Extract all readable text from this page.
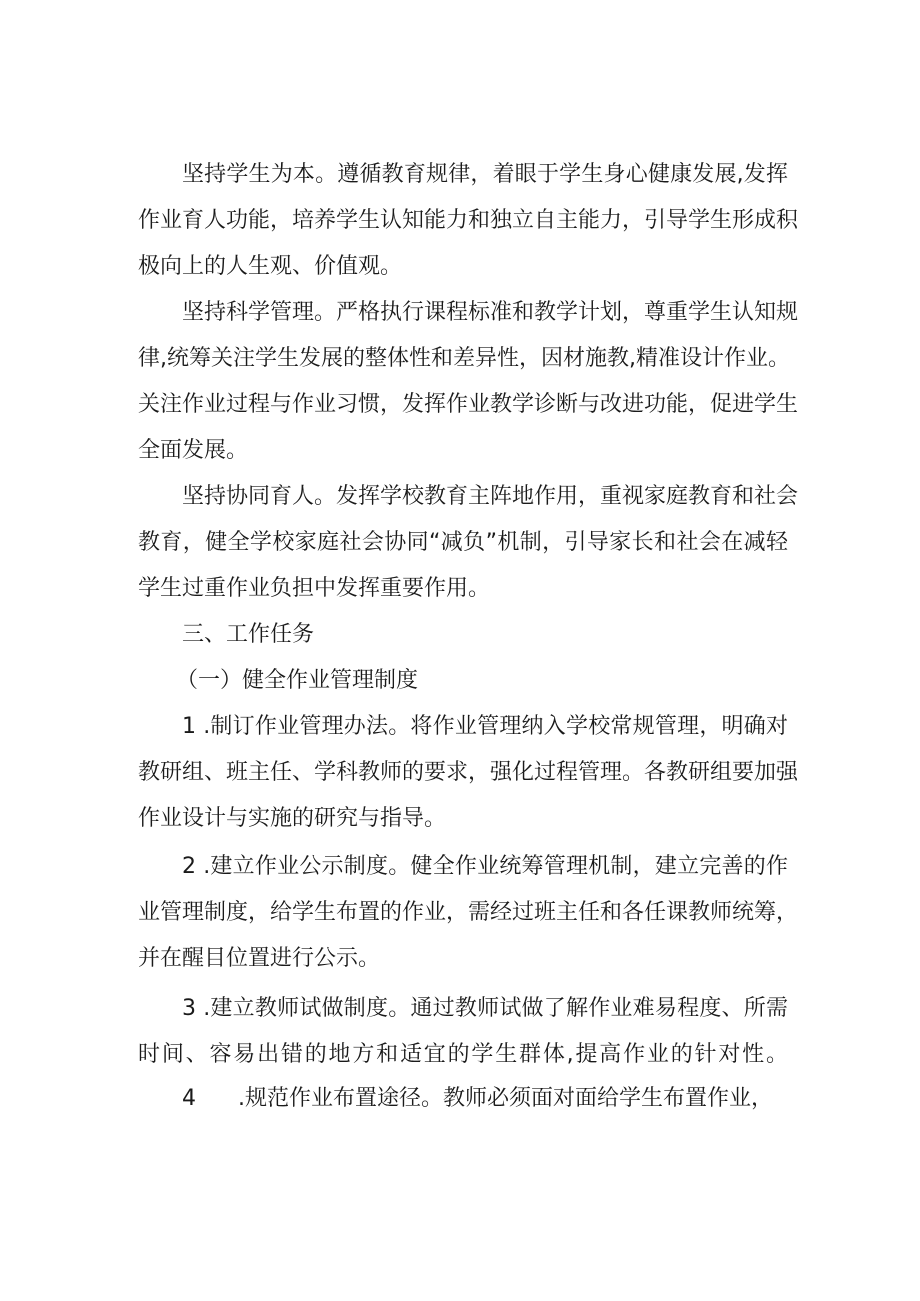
坚持学生为本。遵循教育规律，着眼于学生身心健康发展,发挥
作业育人功能，培养学生认知能力和独立自主能力，引导学生形成积
极向上的人生观、价值观。
坚持科学管理。严格执行课程标准和教学计划，尊重学生认知规
律,统筹关注学生发展的整体性和差异性，因材施教,精准设计作业。
关注作业过程与作业习惯，发挥作业教学诊断与改进功能，促进学生
全面发展。
坚持协同育人。发挥学校教育主阵地作用，重视家庭教育和社会
教育，健全学校家庭社会协同“减负”机制，引导家长和社会在减轻
学生过重作业负担中发挥重要作用。
三、工作任务
（一）健全作业管理制度
1 .制订作业管理办法。将作业管理纳入学校常规管理，明确对
教研组、班主任、学科教师的要求，强化过程管理。各教研组要加强
作业设计与实施的研究与指导。
2 .建立作业公示制度。健全作业统筹管理机制，建立完善的作
业管理制度，给学生布置的作业，需经过班主任和各任课教师统筹，
并在醒目位置进行公示。
3 .建立教师试做制度。通过教师试做了解作业难易程度、所需
时间、容易出错的地方和适宜的学生群体,提高作业的针对性。
4 .规范作业布置途径。教师必须面对面给学生布置作业，
